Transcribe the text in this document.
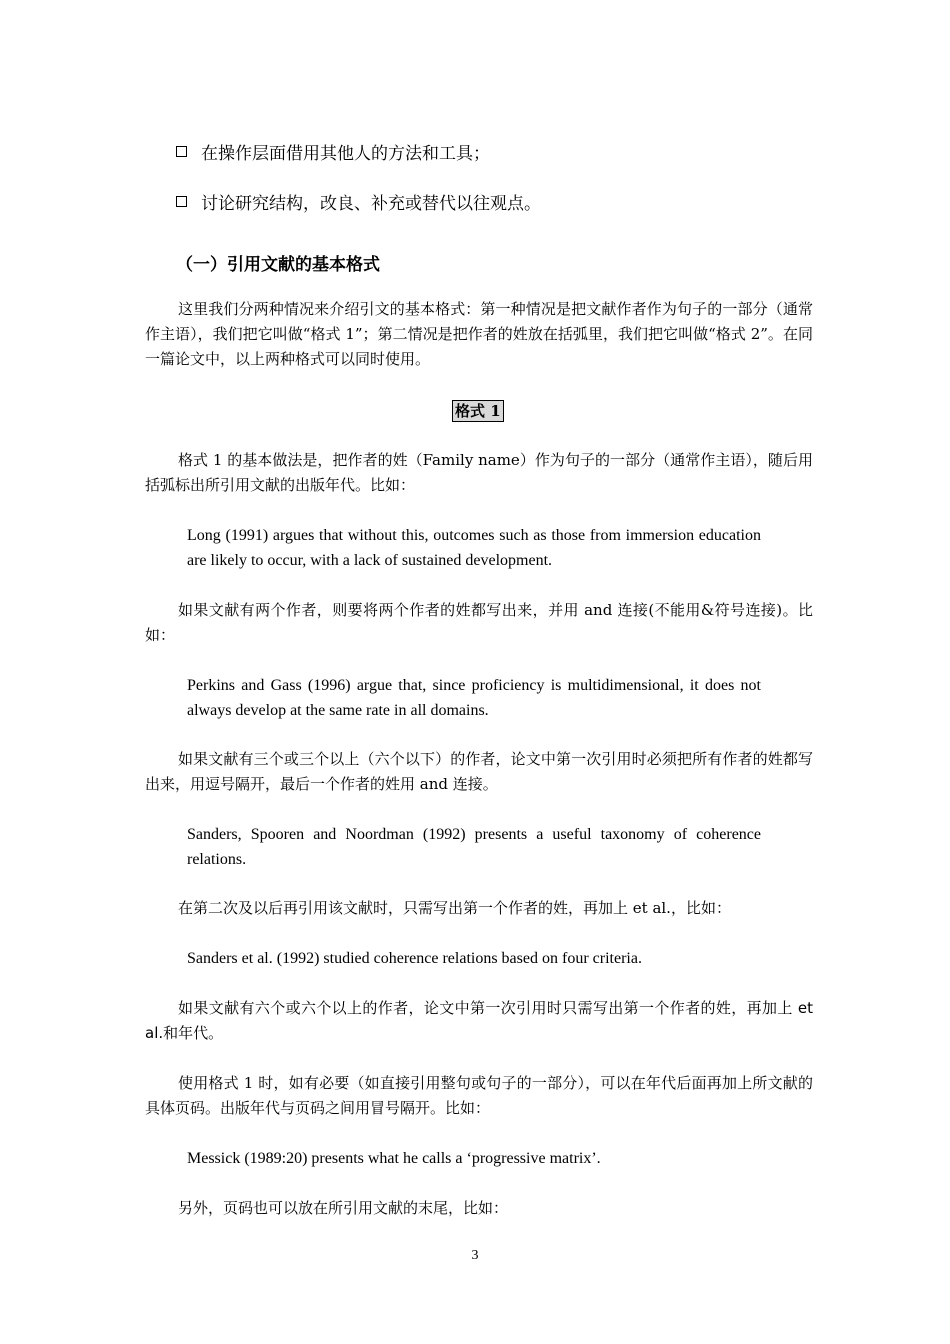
在操作层面借用其他人的方法和工具；
讨论研究结构，改良、补充或替代以往观点。
（一）引用文献的基本格式
这里我们分两种情况来介绍引文的基本格式：第一种情况是把文献作者作为句子的一部分（通常作主语），我们把它叫做“格式 1”；第二情况是把作者的姓放在括弧里，我们把它叫做“格式 2”。在同一篇论文中，以上两种格式可以同时使用。
格式 1
格式 1 的基本做法是，把作者的姓（Family name）作为句子的一部分（通常作主语），随后用括弧标出所引用文献的出版年代。比如：
Long (1991) argues that without this, outcomes such as those from immersion education are likely to occur, with a lack of sustained development.
如果文献有两个作者，则要将两个作者的姓都写出来，并用 and 连接(不能用&符号连接)。比如：
Perkins and Gass (1996) argue that, since proficiency is multidimensional, it does not always develop at the same rate in all domains.
如果文献有三个或三个以上（六个以下）的作者，论文中第一次引用时必须把所有作者的姓都写出来，用逗号隔开，最后一个作者的姓用 and 连接。
Sanders, Spooren and Noordman (1992) presents a useful taxonomy of coherence relations.
在第二次及以后再引用该文献时，只需写出第一个作者的姓，再加上 et al.，比如：
Sanders et al. (1992) studied coherence relations based on four criteria.
如果文献有六个或六个以上的作者，论文中第一次引用时只需写出第一个作者的姓，再加上 et al.和年代。
使用格式 1 时，如有必要（如直接引用整句或句子的一部分），可以在年代后面再加上所文献的具体页码。出版年代与页码之间用冒号隔开。比如：
Messick (1989:20) presents what he calls a ‘progressive matrix’.
另外，页码也可以放在所引用文献的末尾，比如：
3
